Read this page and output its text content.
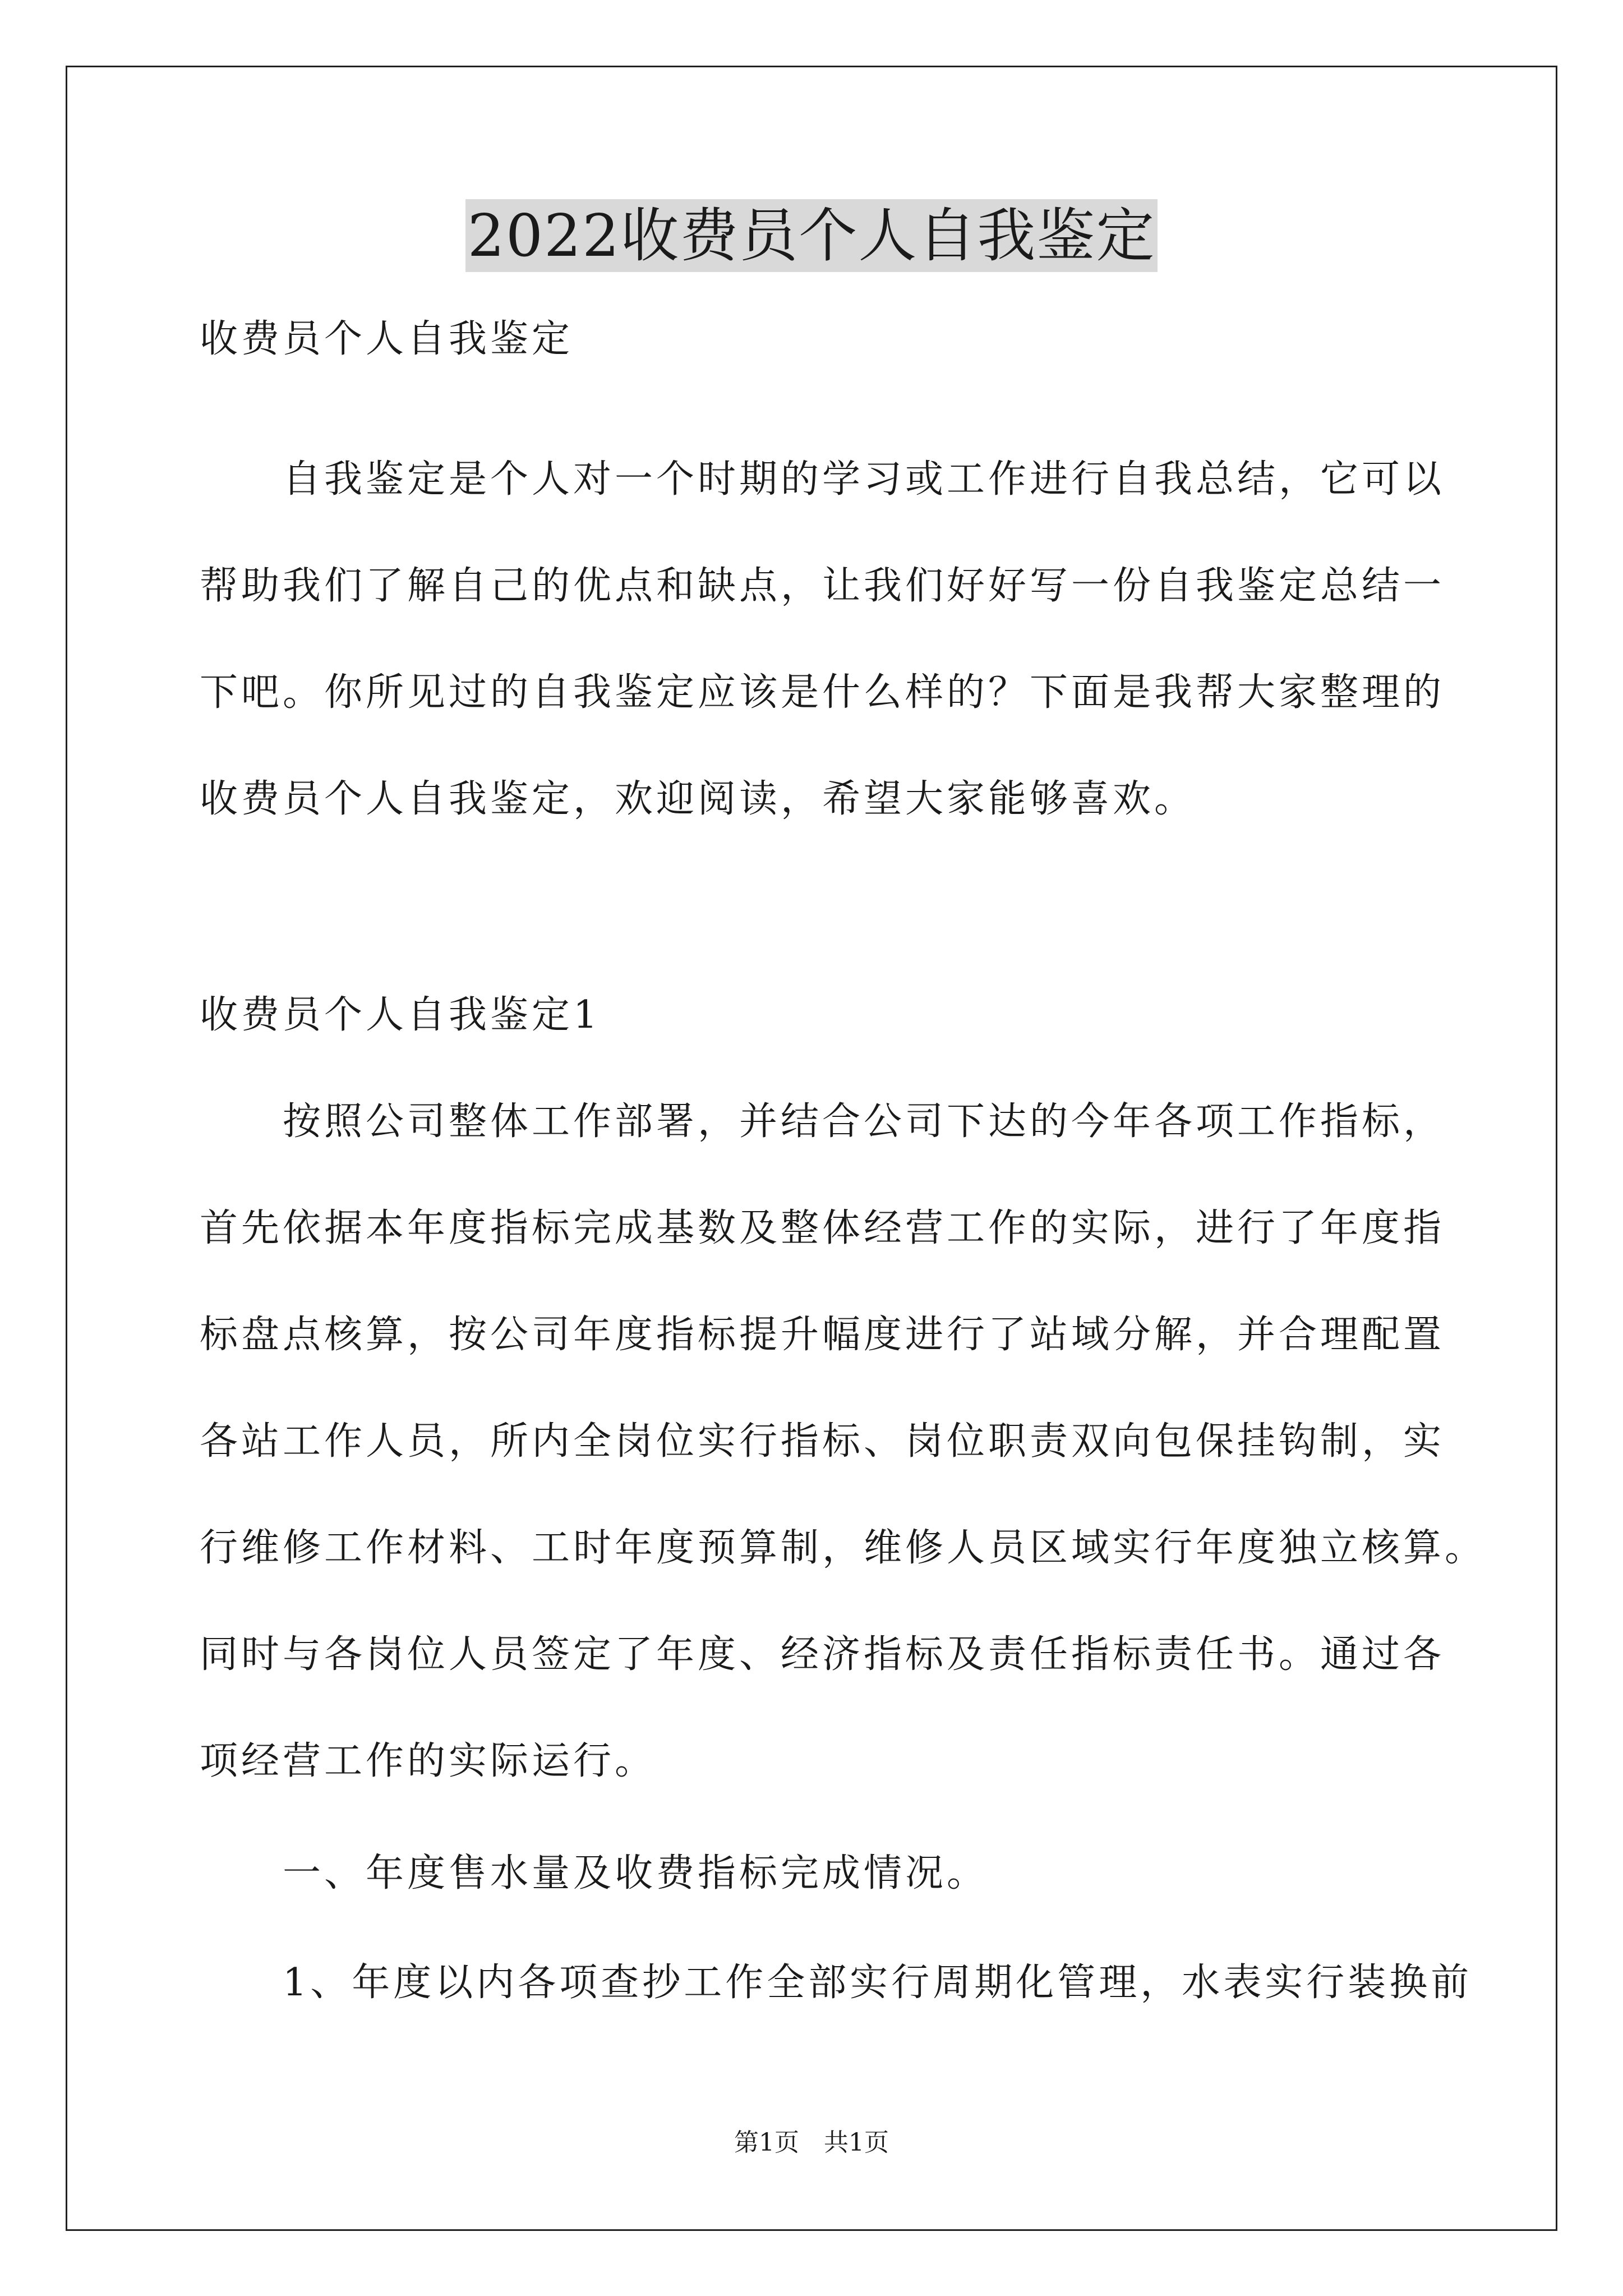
2022收费员个人自我鉴定
收费员个人自我鉴定
　　自我鉴定是个人对一个时期的学习或工作进行自我总结，它可以
帮助我们了解自己的优点和缺点，让我们好好写一份自我鉴定总结一
下吧。你所见过的自我鉴定应该是什么样的？下面是我帮大家整理的
收费员个人自我鉴定，欢迎阅读，希望大家能够喜欢。
收费员个人自我鉴定1
　　按照公司整体工作部署，并结合公司下达的今年各项工作指标，
首先依据本年度指标完成基数及整体经营工作的实际，进行了年度指
标盘点核算，按公司年度指标提升幅度进行了站域分解，并合理配置
各站工作人员，所内全岗位实行指标、岗位职责双向包保挂钩制，实
行维修工作材料、工时年度预算制，维修人员区域实行年度独立核算。
同时与各岗位人员签定了年度、经济指标及责任指标责任书。通过各
项经营工作的实际运行。
　　一、年度售水量及收费指标完成情况。
　　1、年度以内各项查抄工作全部实行周期化管理，水表实行装换前
第1页　共1页
